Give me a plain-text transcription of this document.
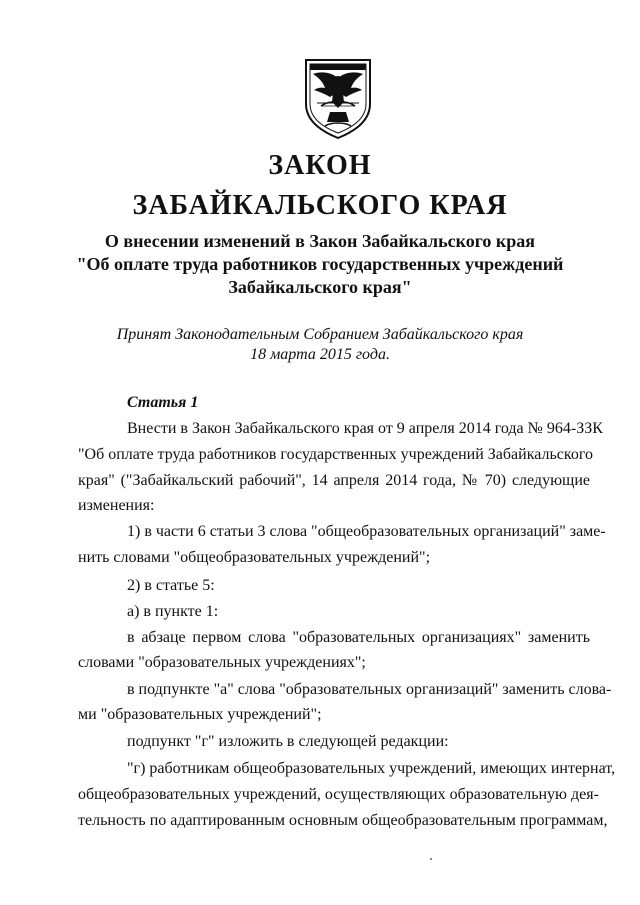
ЗАКОН
ЗАБАЙКАЛЬСКОГО КРАЯ
О внесении изменений в Закон Забайкальского края
"Об оплате труда работников государственных учреждений
Забайкальского края"
Принят Законодательным Собранием Забайкальского края
18 марта 2015 года.
Статья 1
Внести в Закон Забайкальского края от 9 апреля 2014 года № 964-ЗЗК
"Об оплате труда работников государственных учреждений Забайкальского
края" ("Забайкальский рабочий", 14 апреля 2014 года, № 70) следующие
изменения:
1) в части 6 статьи 3 слова "общеобразовательных организаций" заме-
нить словами "общеобразовательных учреждений";
2) в статье 5:
а) в пункте 1:
в абзаце первом слова "образовательных организациях" заменить
словами "образовательных учреждениях";
в подпункте "а" слова "образовательных организаций" заменить слова-
ми "образовательных учреждений";
подпункт "г" изложить в следующей редакции:
"г) работникам общеобразовательных учреждений, имеющих интернат,
общеобразовательных учреждений, осуществляющих образовательную дея-
тельность по адаптированным основным общеобразовательным программам,
